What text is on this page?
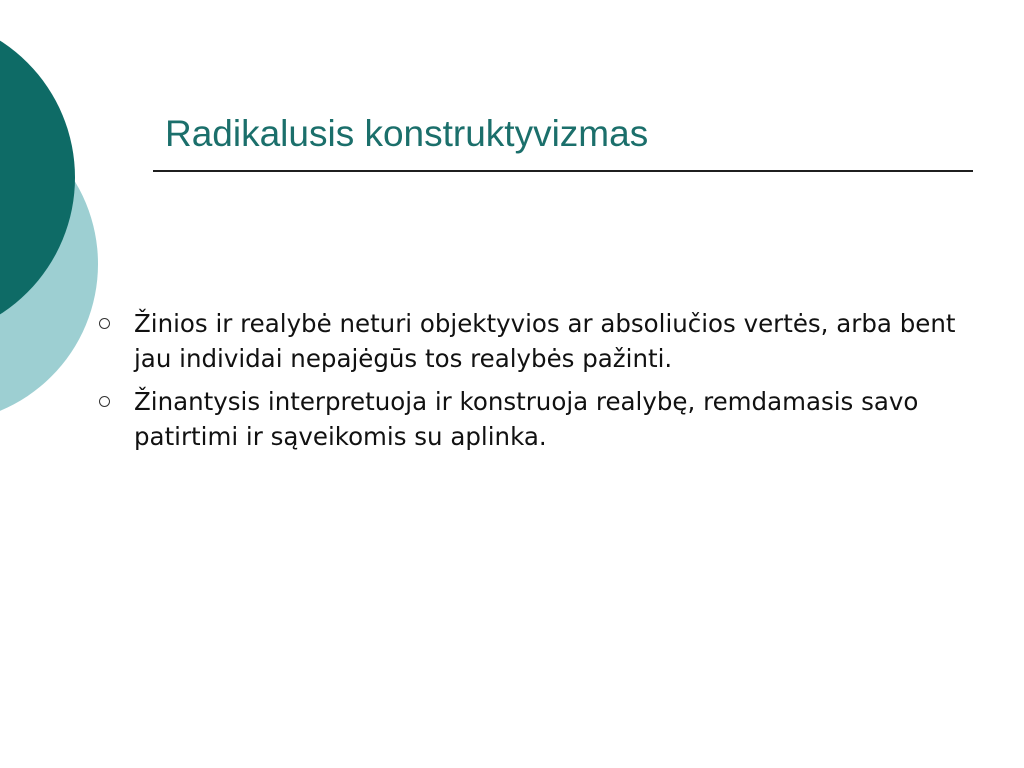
Radikalusis konstruktyvizmas
Žinios ir realybė neturi objektyvios ar absoliučios vertės, arba bent jau individai nepajėgūs tos realybės pažinti.
Žinantysis interpretuoja ir konstruoja realybę, remdamasis savo patirtimi ir sąveikomis su aplinka.
